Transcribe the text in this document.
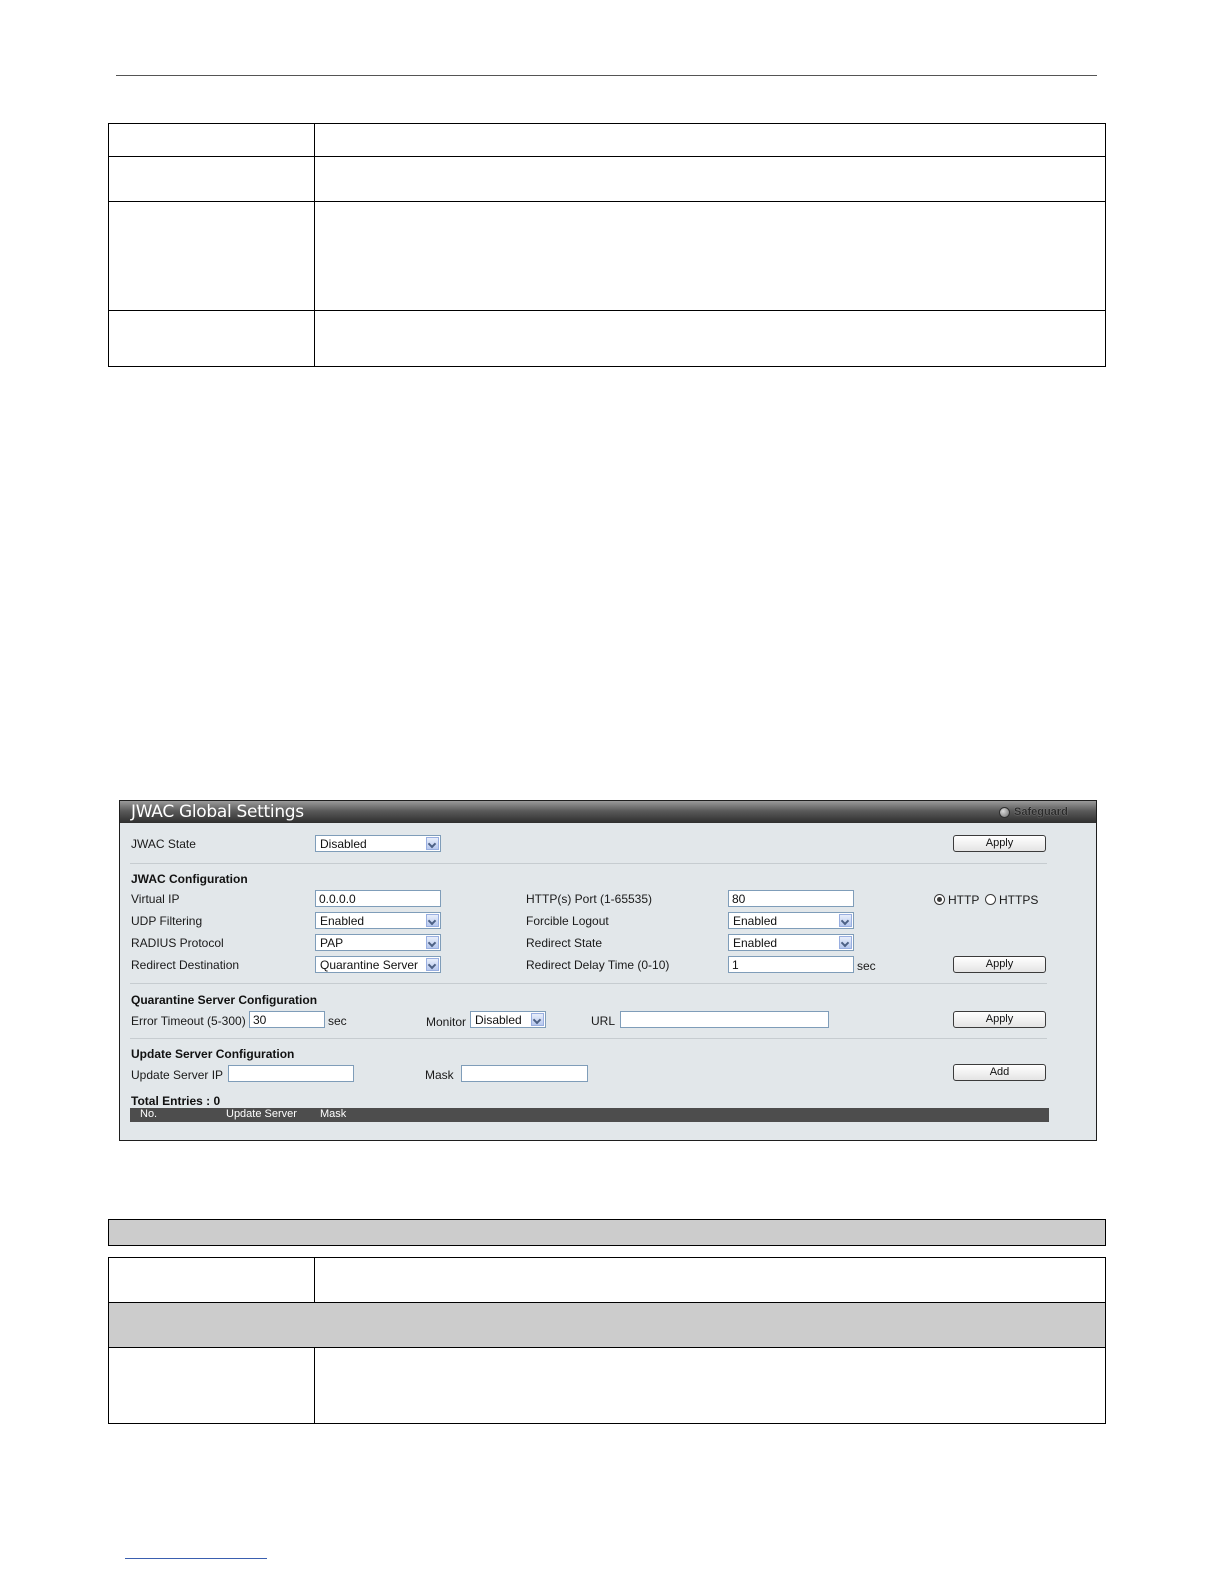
JWAC Global Settings	Safeguard
JWAC State	Disabled	Apply
JWAC Configuration
Virtual IP	0.0.0.0	HTTP(s) Port (1-65535)	80	HTTP HTTPS
UDP Filtering	Enabled	Forcible Logout	Enabled
RADIUS Protocol	PAP	Redirect State	Enabled
Redirect Destination	Quarantine Server	Redirect Delay Time (0-10)	1	sec	Apply
Quarantine Server Configuration
Error Timeout (5-300) 30	sec	Monitor Disabled	URL	Apply
Update Server Configuration
Update Server IP	Mask	Add
Total Entries : 0
No.	Update Server Mask
